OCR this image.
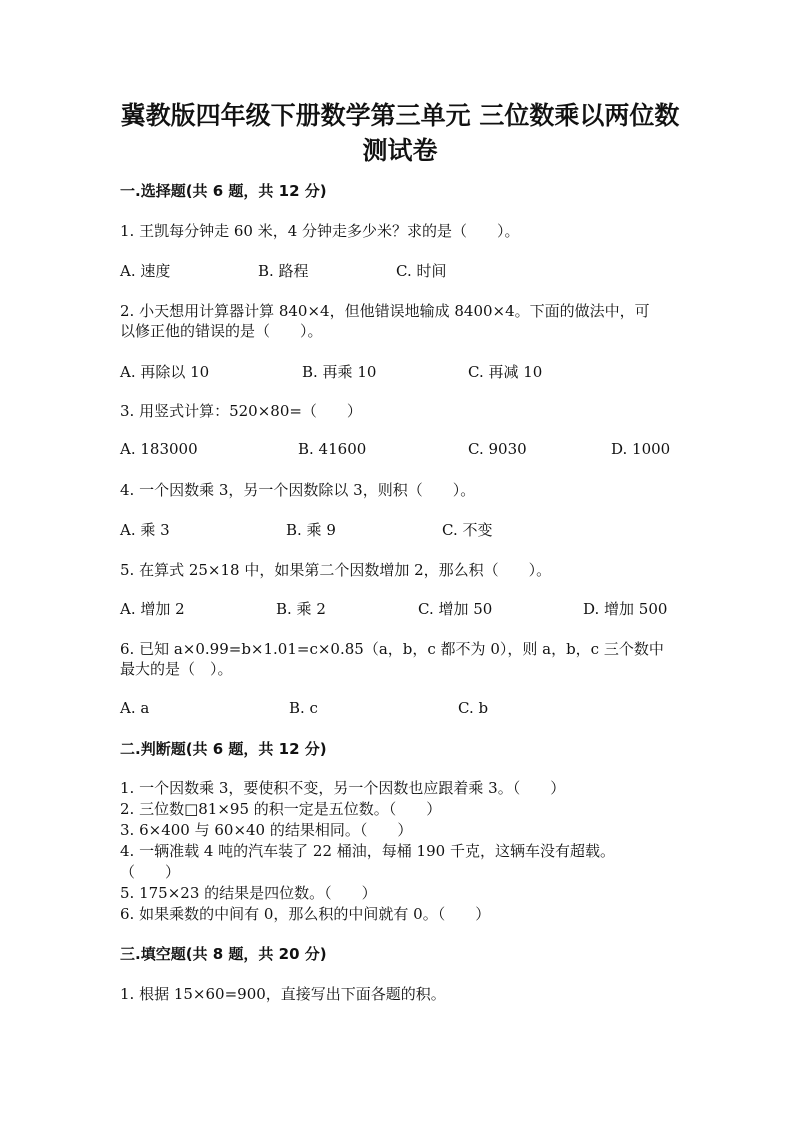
冀教版四年级下册数学第三单元 三位数乘以两位数
测试卷
一.选择题(共 6 题，共 12 分)
1. 王凯每分钟走 60 米，4 分钟走多少米？求的是（　　）。
A. 速度	B. 路程	C. 时间
2. 小天想用计算器计算 840×4，但他错误地输成 8400×4。下面的做法中，可
以修正他的错误的是（　　）。
A. 再除以 10	B. 再乘 10	C. 再减 10
3. 用竖式计算：520×80=（　　）
A. 183000	B. 41600	C. 9030	D. 1000
4. 一个因数乘 3，另一个因数除以 3，则积（　　）。
A. 乘 3	B. 乘 9	C. 不变
5. 在算式 25×18 中，如果第二个因数增加 2，那么积（　　）。
A. 增加 2	B. 乘 2	C. 增加 50	D. 增加 500
6. 已知 a×0.99=b×1.01=c×0.85（a，b，c 都不为 0），则 a，b，c 三个数中
最大的是（　）。
A. a	B. c	C. b
二.判断题(共 6 题，共 12 分)
1. 一个因数乘 3，要使积不变，另一个因数也应跟着乘 3。（　　）
2. 三位数□81×95 的积一定是五位数。（　　）
3. 6×400 与 60×40 的结果相同。（　　）
4. 一辆准载 4 吨的汽车装了 22 桶油，每桶 190 千克，这辆车没有超载。
（　　）
5. 175×23 的结果是四位数。（　　）
6. 如果乘数的中间有 0，那么积的中间就有 0。（　　）
三.填空题(共 8 题，共 20 分)
1. 根据 15×60=900，直接写出下面各题的积。
